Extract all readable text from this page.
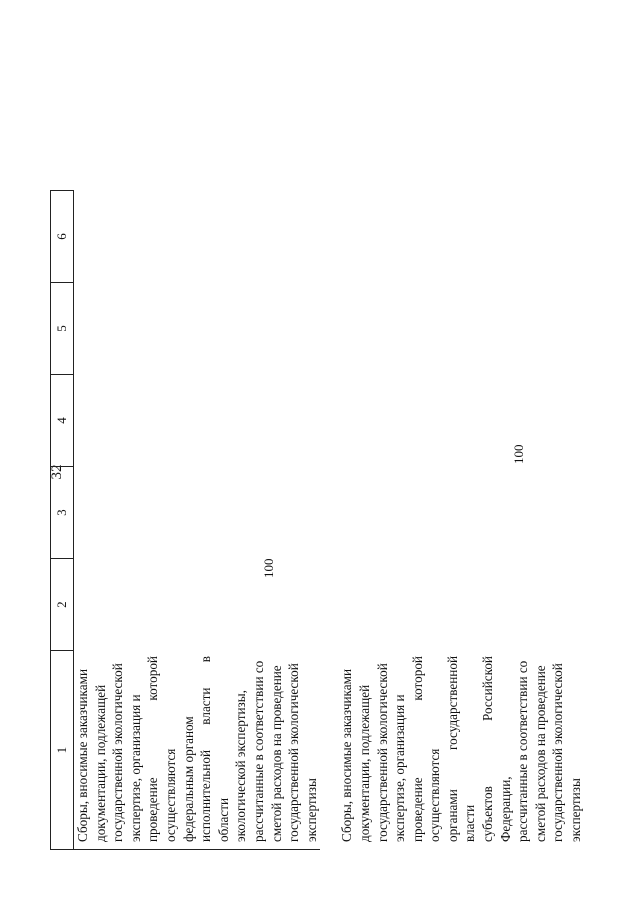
32
1
2
3
4
5
6
Сборы, вносимые заказчиками документации, подлежащей государственной экологической экспертизе, организация и проведение которой осуществляются федеральным органом исполнительной власти в области экологической экспертизы, рассчитанные в соответствии со сметой расходов на проведение государственной экологической экспертизы
100
Сборы, вносимые заказчиками документации, подлежащей государственной экологической экспертизе, организация и проведение которой осуществляются органами государственной власти субъектов Российской Федерации, рассчитанные в соответствии со сметой расходов на проведение государственной экологической экспертизы
100
